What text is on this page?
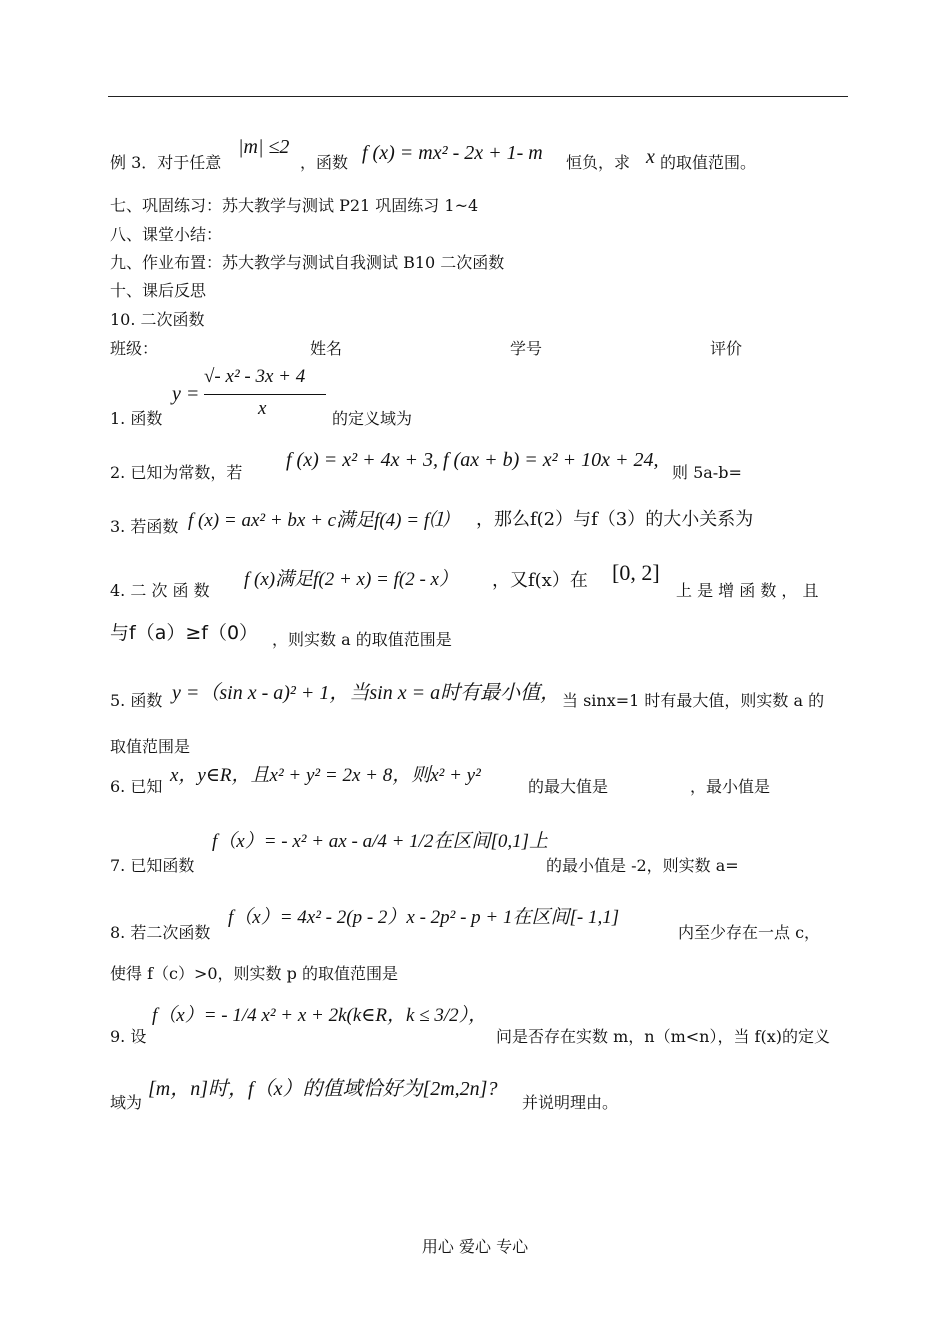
例 3．对于任意
|m| ≤2
，函数 f (x) = mx² - 2x + 1- m 恒负，求 x 的取值范围。
七、巩固练习：苏大教学与测试 P21 巩固练习 1~4
八、课堂小结：
九、作业布置：苏大教学与测试自我测试 B10 二次函数
十、课后反思
10. 二次函数
班级：	姓名	学号	评价
1. 函数
y =
√- x² - 3x + 4
x	的定义域为
2. 已知为常数，若
f (x) = x² + 4x + 3, f (ax + b) = x² + 10x + 24,
则 5a-b=
3. 若函数 f (x) = ax² + bx + c满足f(4) = f⑴ ，那么f(2）与f（3）的大小关系为
4. 二 次 函 数
f (x)满足f(2 + x) = f(2 - x） ，又f(x）在 [0, 2]
上 是 增 函 数 ， 且
与f（a）≥f（0） ，则实数 a 的取值范围是
5. 函数 y =（sin x - a)² + 1，当sin x = a时有最小值， 当 sinx=1 时有最大值，则实数 a 的
取值范围是
6. 已知
x，y∈R，且x² + y² = 2x + 8，则x² + y²
的最大值是	，最小值是
7. 已知函数
f（x）= - x² + ax - a/4 + 1/2在区间[0,1]上
的最小值是 -2，则实数 a=
8. 若二次函数
f（x）= 4x² - 2(p - 2）x - 2p² - p + 1在区间[- 1,1]
内至少存在一点 c，
使得 f（c）>0，则实数 p 的取值范围是
f（x）= - 1/4 x² + x + 2k(k∈R，k ≤ 3/2），
9. 设	问是否存在实数 m，n（m<n），当 f(x)的定义
域为
[m，n]时，f（x）的值域恰好为[2m,2n]?
并说明理由。
用心 爱心 专心
